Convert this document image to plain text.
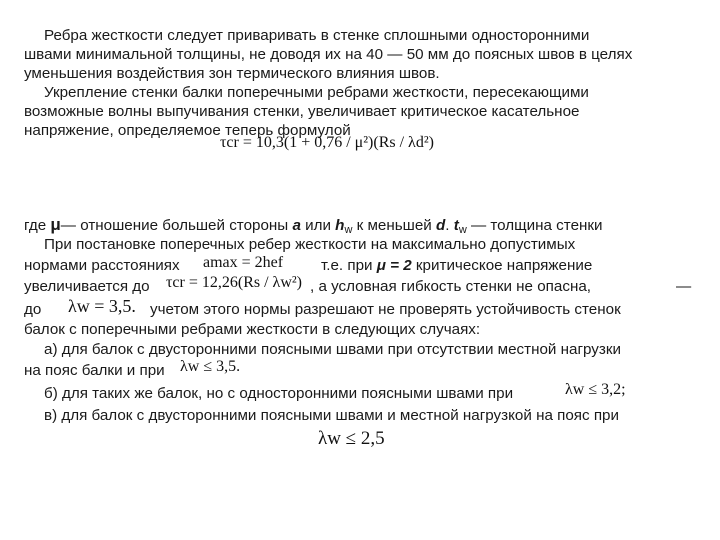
Ребра жесткости следует приваривать в стенке сплошными односторонними
швами минимальной толщины, не доводя их на 40 — 50 мм до поясных швов в целях
уменьшения воздействия зон термического влияния швов.
Укрепление стенки балки поперечными ребрами жесткости, пересекающими
возможные волны выпучивания стенки, увеличивает критическое касательное
напряжение, определяемое теперь формулой
τcr = 10,3(1 + 0,76 / μ²)(Rs / λd²)
где μ— отношение большей стороны a или $h_w$ к меньшей d. $t_w$ — толщина стенки
При постановке поперечных ребер жесткости на максимально допустимых
нормами расстояниях amax = 2hef т.е. при μ = 2 критическое напряжение
увеличивается до τcr = 12,26(Rs / λw²) , а условная гибкость стенки не опасна,	—
до λw = 3,5. учетом этого нормы разрешают не проверять устойчивость стенок
балок с поперечными ребрами жесткости в следующих случаях:
а) для балок с двусторонними поясными швами при отсутствии местной нагрузки
на пояс балки и при λw ≤ 3,5.
б) для таких же балок, но с односторонними поясными швами при	λw ≤ 3,2;
в) для балок с двусторонними поясными швами и местной нагрузкой на пояс при
λw ≤ 2,5
